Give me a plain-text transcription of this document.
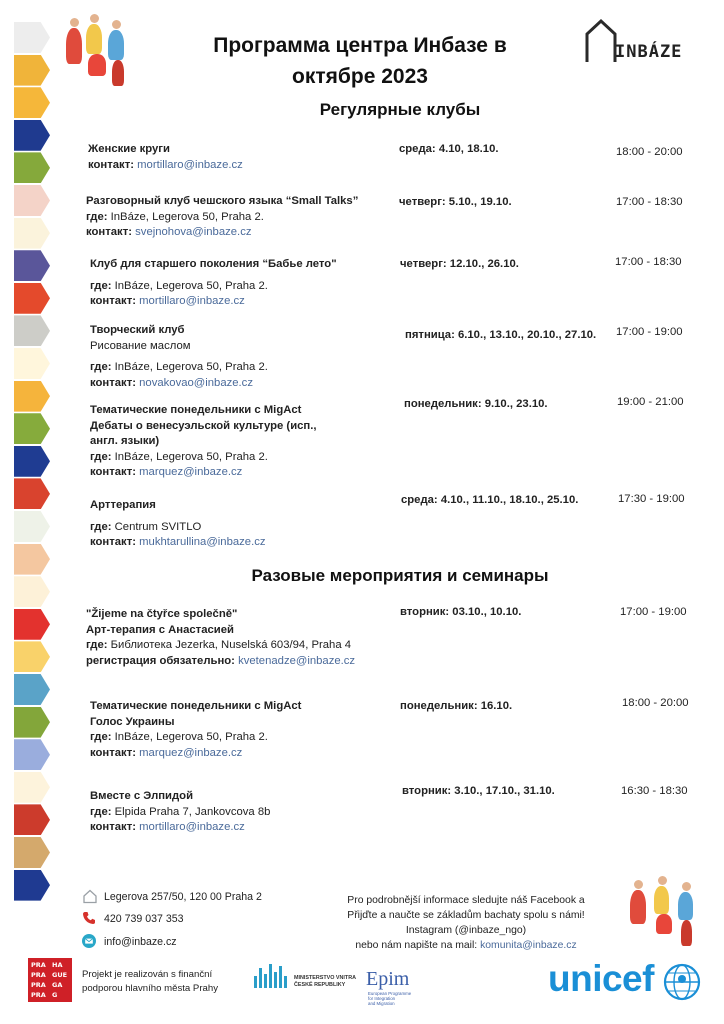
Программа центра Инбазе в
октябре 2023
INBÁZE
Регулярные клубы
Женские круги
контакт: mortillaro@inbaze.cz
среда: 4.10, 18.10.	18:00 - 20:00
Разговорный клуб чешского языка “Small Talks”
где: InBáze, Legerova 50, Praha 2.
контакт: svejnohova@inbaze.cz
четверг: 5.10., 19.10.	17:00 - 18:30
Клуб для старшего поколения “Бабье лето"
где: InBáze, Legerova 50, Praha 2.
контакт: mortillaro@inbaze.cz
четверг: 12.10., 26.10.	17:00 - 18:30
Творческий клуб
Рисование маслом
где: InBáze, Legerova 50, Praha 2.
контакт: novakovao@inbaze.cz
пятница: 6.10., 13.10., 20.10., 27.10. 17:00 - 19:00
Тематические понедельники с MigAct
Дебаты о венесуэльской культуре (исп.,
англ. языки)
где: InBáze, Legerova 50, Praha 2.
контакт: marquez@inbaze.cz
понедельник: 9.10., 23.10.	19:00 - 21:00
Арттерапия
где: Centrum SVITLO
контакт: mukhtarullina@inbaze.cz
среда: 4.10., 11.10., 18.10., 25.10.	17:30 - 19:00
Разовые мероприятия и семинары
"Žijeme na čtyřce společně"
Арт-терапия с Анастасией
где: Библиотека Jezerka, Nuselská 603/94, Praha 4
регистрация обязательно: kvetenadze@inbaze.cz
вторник: 03.10., 10.10.	17:00 - 19:00
Тематические понедельники с MigAct
Голос Украины
где: InBáze, Legerova 50, Praha 2.
контакт: marquez@inbaze.cz
понедельник: 16.10.	18:00 - 20:00
Вместе с Элпидой
где: Elpida Praha 7, Jankovcova 8b
контакт: mortillaro@inbaze.cz
вторник: 3.10., 17.10., 31.10.	16:30 - 18:30
Legerova 257/50, 120 00 Praha 2
420 739 037 353
info@inbaze.cz
Pro podrobnější informace sledujte náš Facebook a
Přijďte a naučte se základům bachaty spolu s námi!
Instagram (@inbaze_ngo)
nebo nám napište na mail: komunita@inbaze.cz
PRA HA
PRA GUE
PRA GA
PRA G
Projekt je realizován s finanční
podporou hlavního města Prahy
MINISTERSTVO VNITRA
ČESKÉ REPUBLIKY	Epim
European Programme
for Integration
and Migration
unicef
